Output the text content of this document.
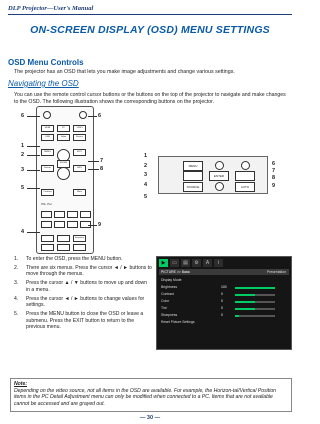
DLP Projector—User's Manual
ON-SCREEN DISPLAY (OSD) MENU SETTINGS
OSD Menu Controls
The projector has an OSD that lets you make image adjustments and change various settings.
Navigating the OSD
You can use the remote control cursor buttons or the buttons on the top of the projector to navigate and make changes to the OSD. The following illustration shows the corresponding buttons on the projector.
HDMI	PC	YPbPr
USB	Video	Source
MENU	EXIT
ENTER
Freeze	BKS
Contrast	Mute
VOL. Pwr
Keystone
6	6
1
2
3
5
7
8
4
9
MENU
ENTER
SOURCE	AUTO
1
2
3
4
5
6
7
8
9
1. To enter the OSD, press the MENU button.
2. There are six menus. Press the cursor ◄ / ► buttons to move through the menus.
3. Press the cursor ▲ / ▼ buttons to move up and down in a menu.
4. Press the cursor ◄ / ► buttons to change values for settings.
5. Press the MENU button to close the OSD or leave a submenu. Press the EXIT button to return to the previous menu.
▶	▭	▤	⚙	A	i
PICTURE >> Basic	Presentation
Display Mode
Brightness	100
Contrast	0
Color	0
Tint	0
Sharpness	0
Reset Picture Settings
Note:
Depending on the video source, not all items in the OSD are available. For example, the Horizon-tal/Vertical Position items in the PC Detail Adjustment menu can only be modified when connected to a PC. Items that are not available cannot be accessed and are grayed out.
— 30 —
